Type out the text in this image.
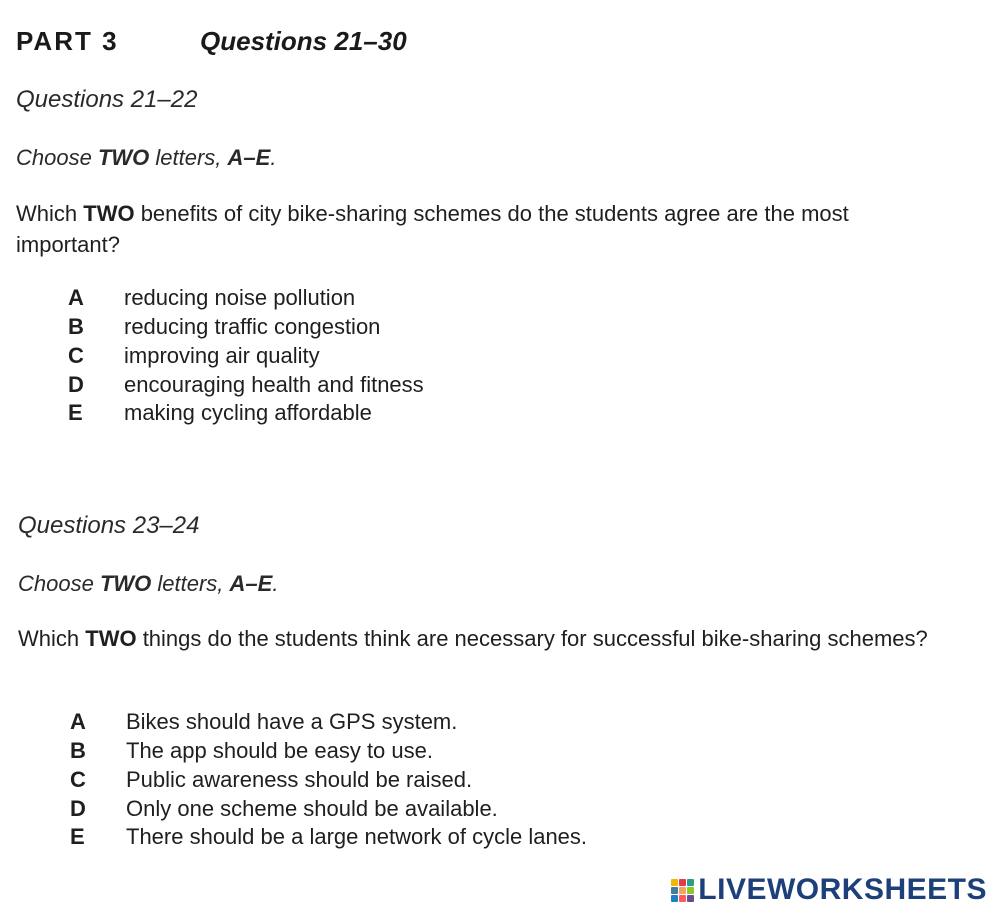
PART 3	Questions 21–30
Questions 21–22
Choose TWO letters, A–E.
Which TWO benefits of city bike-sharing schemes do the students agree are the most important?
A	reducing noise pollution
B	reducing traffic congestion
C	improving air quality
D	encouraging health and fitness
E	making cycling affordable
Questions 23–24
Choose TWO letters, A–E.
Which TWO things do the students think are necessary for successful bike-sharing schemes?
A	Bikes should have a GPS system.
B	The app should be easy to use.
C	Public awareness should be raised.
D	Only one scheme should be available.
E	There should be a large network of cycle lanes.
LIVEWORKSHEETS
